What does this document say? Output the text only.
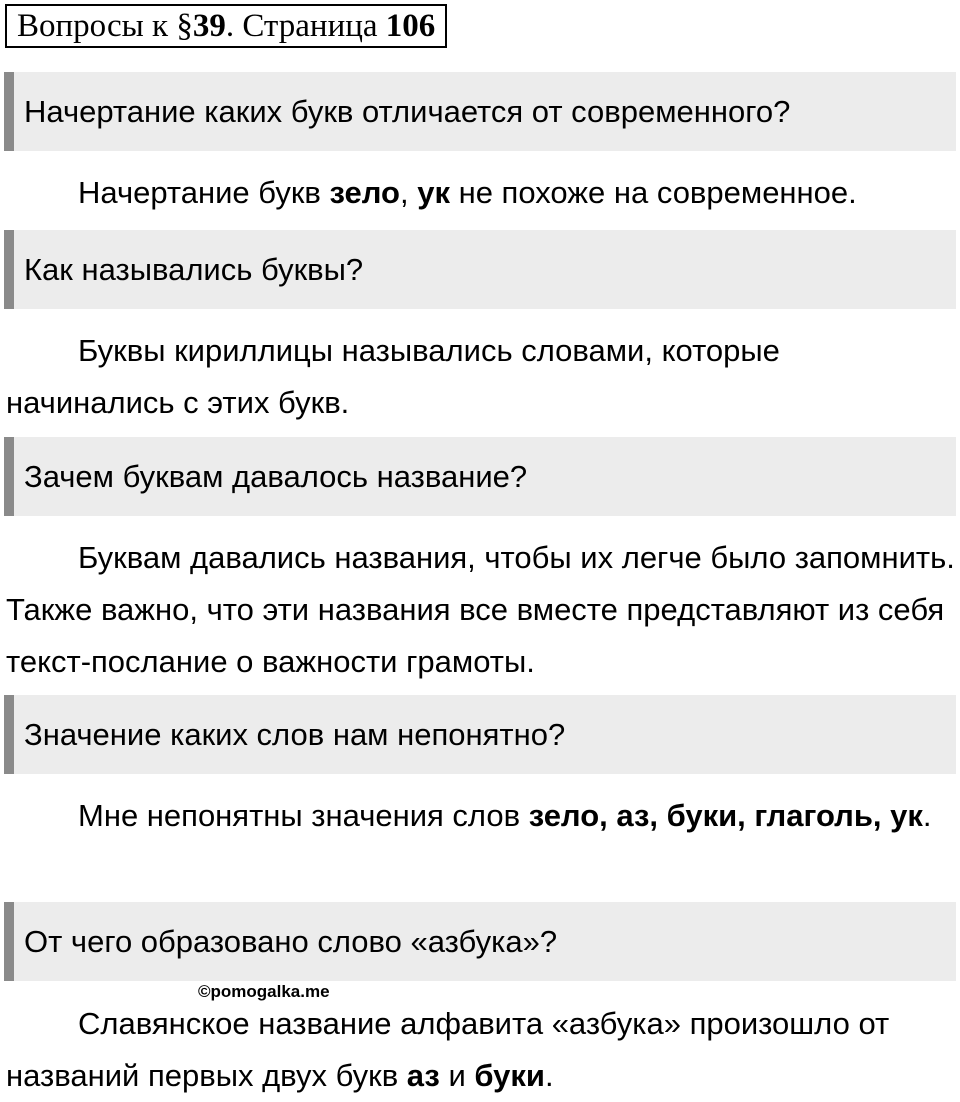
Вопросы к §39. Страница 106
Начертание каких букв отличается от современного?

Начертание букв зело, ук не похоже на современное.

Как назывались буквы?

Буквы кириллицы назывались словами, которые начинались с этих букв.

Зачем буквам давалось название?

Буквам давались названия, чтобы их легче было запомнить. Также важно, что эти названия все вместе представляют из себя текст-послание о важности грамоты.

Значение каких слов нам непонятно?

Мне непонятны значения слов зело, аз, буки, глаголь, ук.

От чего образовано слово «азбука»?
©pomogalka.me

Славянское название алфавита «азбука» произошло от названий первых двух букв аз и буки.
